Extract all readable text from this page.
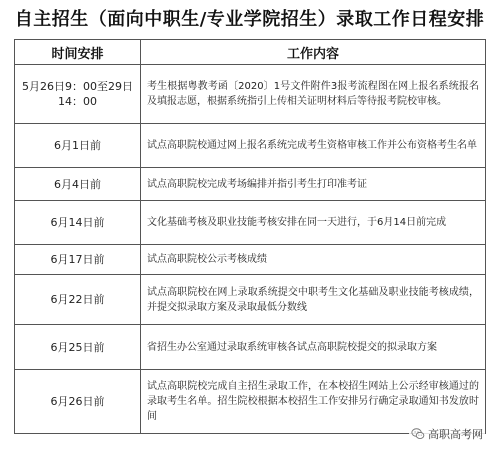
自主招生（面向中职生/专业学院招生）录取工作日程安排
时间安排	工作内容
5月26日9：00至29日14：00	考生根据粤教考函〔2020〕1号文件附件3报考流程图在网上报名系统报名及填报志愿，根据系统指引上传相关证明材料后等待报考院校审核。
6月1日前	试点高职院校通过网上报名系统完成考生资格审核工作并公布资格考生名单
6月4日前	试点高职院校完成考场编排并指引考生打印准考证
6月14日前	文化基础考核及职业技能考核安排在同一天进行，于6月14日前完成
6月17日前	试点高职院校公示考核成绩
6月22日前	试点高职院校在网上录取系统提交中职考生文化基础及职业技能考核成绩，并提交拟录取方案及录取最低分数线
6月25日前	省招生办公室通过录取系统审核各试点高职院校提交的拟录取方案
6月26日前	试点高职院校完成自主招生录取工作，在本校招生网站上公示经审核通过的录取考生名单。招生院校根据本校招生工作安排另行确定录取通知书发放时间
高职高考网
